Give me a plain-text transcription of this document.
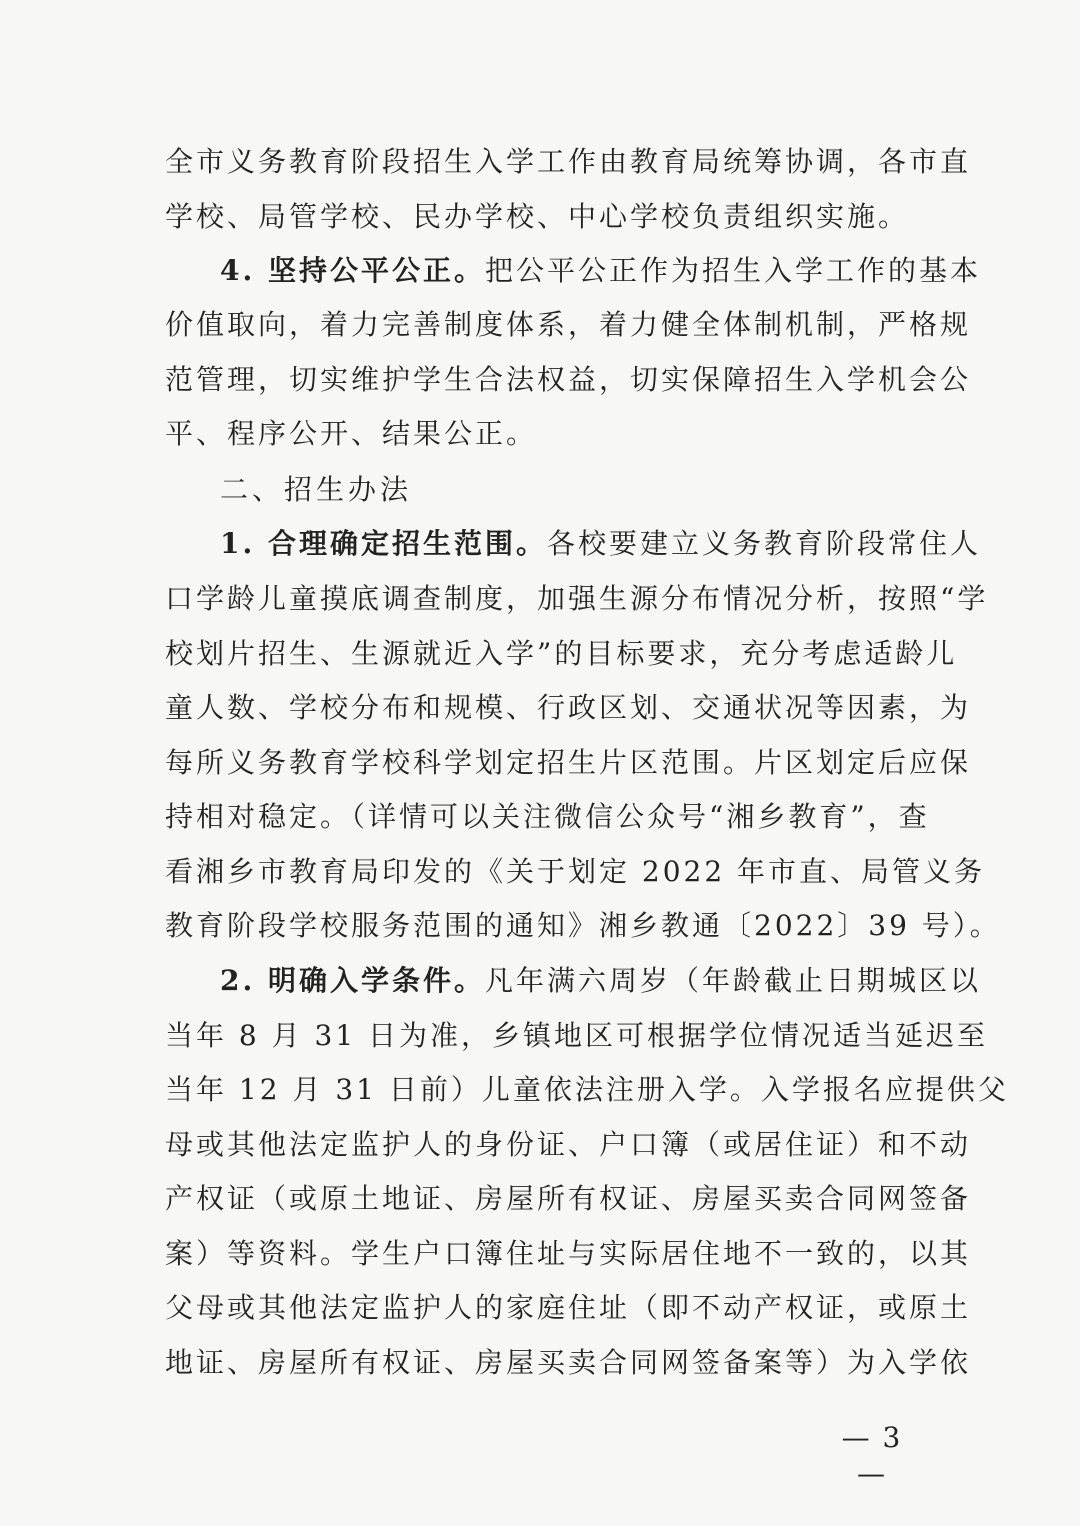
全市义务教育阶段招生入学工作由教育局统筹协调，各市直
学校、局管学校、民办学校、中心学校负责组织实施。
4. 坚持公平公正。把公平公正作为招生入学工作的基本
价值取向，着力完善制度体系，着力健全体制机制，严格规
范管理，切实维护学生合法权益，切实保障招生入学机会公
平、程序公开、结果公正。
二、招生办法
1. 合理确定招生范围。各校要建立义务教育阶段常住人
口学龄儿童摸底调查制度，加强生源分布情况分析，按照“学
校划片招生、生源就近入学”的目标要求，充分考虑适龄儿
童人数、学校分布和规模、行政区划、交通状况等因素，为
每所义务教育学校科学划定招生片区范围。片区划定后应保
持相对稳定。（详情可以关注微信公众号“湘乡教育”，查
看湘乡市教育局印发的《关于划定 2022 年市直、局管义务
教育阶段学校服务范围的通知》湘乡教通〔2022〕39 号）。
2. 明确入学条件。凡年满六周岁（年龄截止日期城区以
当年 8 月 31 日为准，乡镇地区可根据学位情况适当延迟至
当年 12 月 31 日前）儿童依法注册入学。入学报名应提供父
母或其他法定监护人的身份证、户口簿（或居住证）和不动
产权证（或原土地证、房屋所有权证、房屋买卖合同网签备
案）等资料。学生户口簿住址与实际居住地不一致的，以其
父母或其他法定监护人的家庭住址（即不动产权证，或原土
地证、房屋所有权证、房屋买卖合同网签备案等）为入学依
— 3 —
